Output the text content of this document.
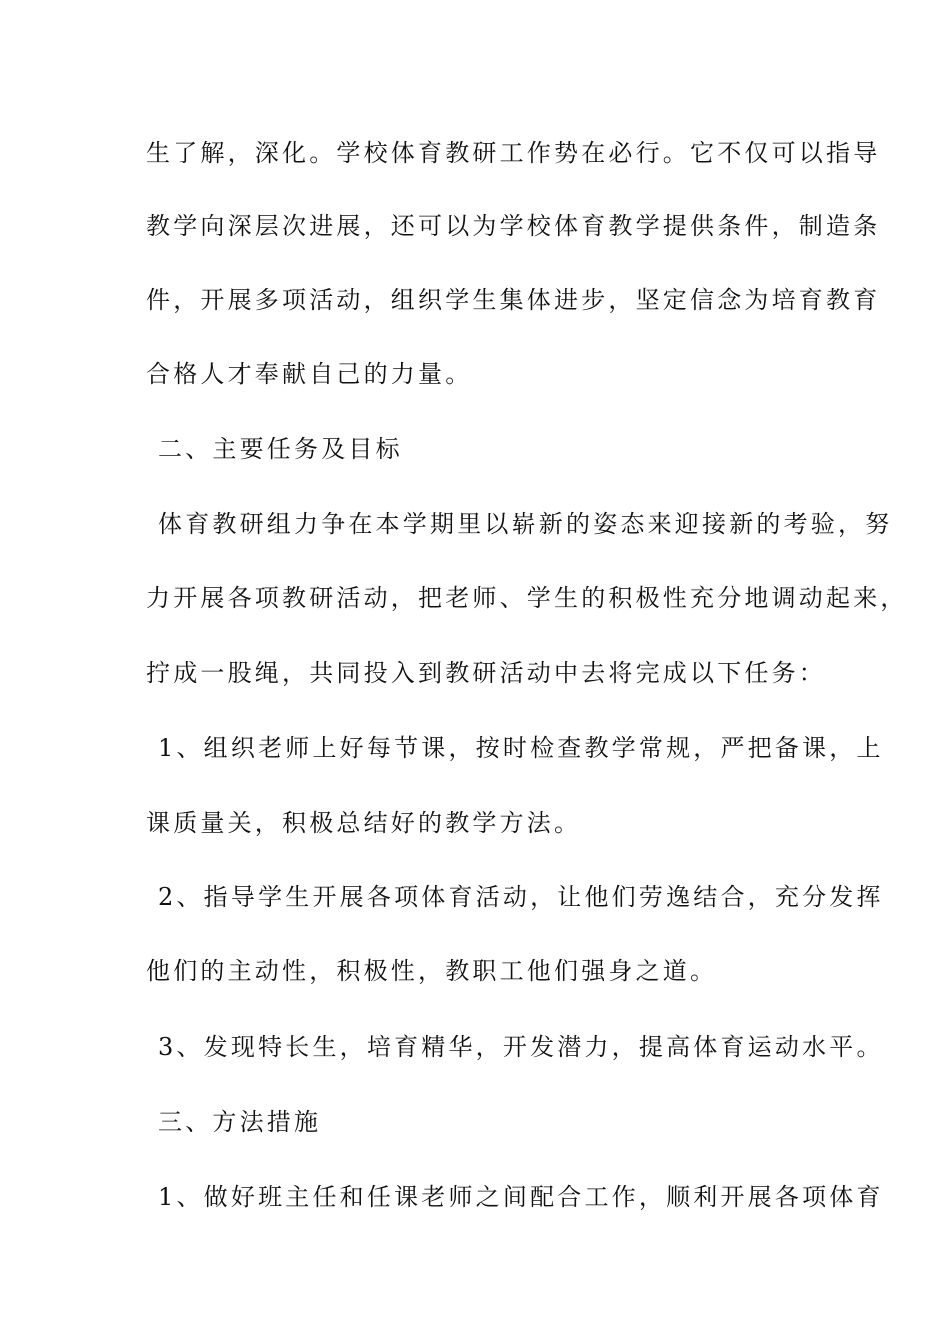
生了解，深化。学校体育教研工作势在必行。它不仅可以指导
教学向深层次进展，还可以为学校体育教学提供条件，制造条
件，开展多项活动，组织学生集体进步，坚定信念为培育教育
合格人才奉献自己的力量。
二、主要任务及目标
体育教研组力争在本学期里以崭新的姿态来迎接新的考验，努
力开展各项教研活动，把老师、学生的积极性充分地调动起来，
拧成一股绳，共同投入到教研活动中去将完成以下任务：
1、组织老师上好每节课，按时检查教学常规，严把备课，上
课质量关，积极总结好的教学方法。
2、指导学生开展各项体育活动，让他们劳逸结合，充分发挥
他们的主动性，积极性，教职工他们强身之道。
3、发现特长生，培育精华，开发潜力，提高体育运动水平。
三、方法措施
1、做好班主任和任课老师之间配合工作，顺利开展各项体育
